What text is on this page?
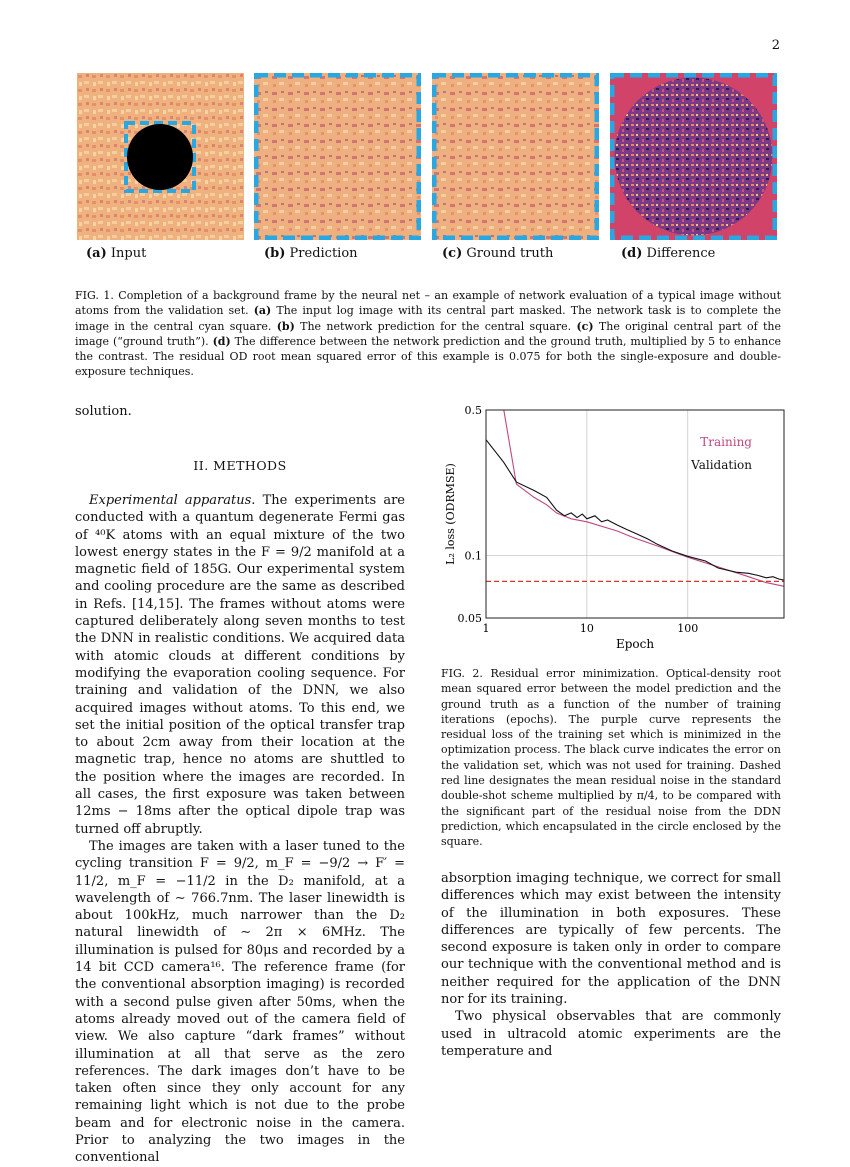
2
(a) Input	(b) Prediction	(c) Ground truth	(d) Difference
FIG. 1. Completion of a background frame by the neural net – an example of network evaluation of a typical image without atoms from the validation set. (a) The input log image with its central part masked. The network task is to complete the image in the central cyan square. (b) The network prediction for the central square. (c) The original central part of the image (“ground truth”). (d) The difference between the network prediction and the ground truth, multiplied by 5 to enhance the contrast. The residual OD root mean squared error of this example is 0.075 for both the single-exposure and double-exposure techniques.
solution.
II. METHODS

Experimental apparatus. The experiments are conducted with a quantum degenerate Fermi gas of ⁴⁰K atoms with an equal mixture of the two lowest energy states in the F = 9/2 manifold at a magnetic field of 185G. Our experimental system and cooling procedure are the same as described in Refs. [14,15]. The frames without atoms were captured deliberately along seven months to test the DNN in realistic conditions. We acquired data with atomic clouds at different conditions by modifying the evaporation cooling sequence. For training and validation of the DNN, we also acquired images without atoms. To this end, we set the initial position of the optical transfer trap to about 2cm away from their location at the magnetic trap, hence no atoms are shuttled to the position where the images are recorded. In all cases, the first exposure was taken between 12ms − 18ms after the optical dipole trap was turned off abruptly.

The images are taken with a laser tuned to the cycling transition F = 9/2, m_F = −9/2 → F′ = 11/2, m_F = −11/2 in the D₂ manifold, at a wavelength of ∼ 766.7nm. The laser linewidth is about 100kHz, much narrower than the D₂ natural linewidth of ∼ 2π × 6MHz. The illumination is pulsed for 80μs and recorded by a 14 bit CCD camera¹⁶. The reference frame (for the conventional absorption imaging) is recorded with a second pulse given after 50ms, when the atoms already moved out of the camera field of view. We also capture “dark frames” without illumination at all that serve as the zero references. The dark images don’t have to be taken often since they only account for any remaining light which is not due to the probe beam and for electronic noise in the camera. Prior to analyzing the two images in the conventional

1	10	100
0.05
0.1
0.5
Epoch
L₂ loss (ODRMSE)
Training
Validation
FIG. 2. Residual error minimization. Optical-density root mean squared error between the model prediction and the ground truth as a function of the number of training iterations (epochs). The purple curve represents the residual loss of the training set which is minimized in the optimization process. The black curve indicates the error on the validation set, which was not used for training. Dashed red line designates the mean residual noise in the standard double-shot scheme multiplied by π/4, to be compared with the significant part of the residual noise from the DDN prediction, which encapsulated in the circle enclosed by the square.

absorption imaging technique, we correct for small differences which may exist between the intensity of the illumination in both exposures. These differences are typically of few percents. The second exposure is taken only in order to compare our technique with the conventional method and is neither required for the application of the DNN nor for its training.

Two physical observables that are commonly used in ultracold atomic experiments are the temperature and
